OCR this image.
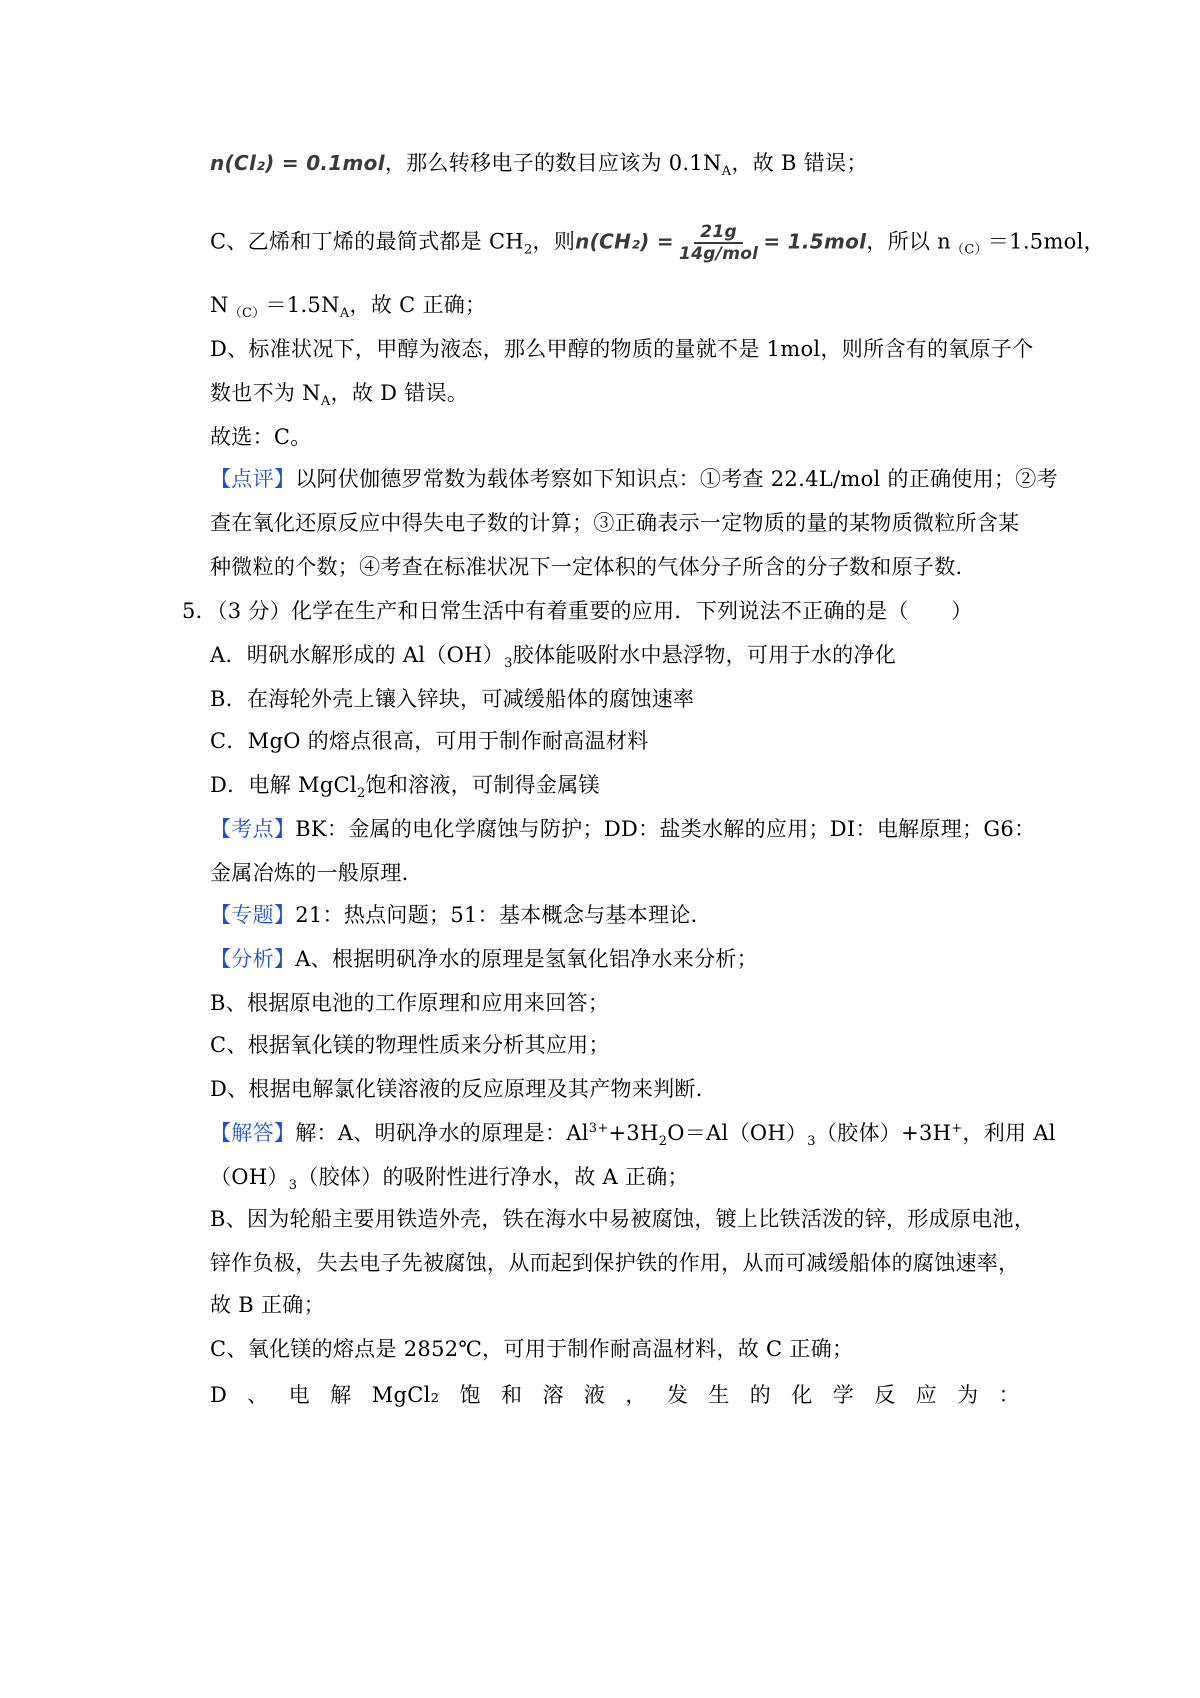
n(Cl₂) = 0.1mol，那么转移电子的数目应该为 $0.1N_A$，故 B 错误；
C、乙烯和丁烯的最简式都是 $CH_2$，则$n(CH_2) = \frac{21g}{\text{14g/mol}} = 1.5mol$，所以 $n_{(C)}=1.5mol$，
$N_{(C)}=1.5N_A$，故 C 正确；
D、标准状况下，甲醇为液态，那么甲醇的物质的量就不是 1mol，则所含有的氧原子个
数也不为 $N_A$，故 D 错误。
故选：C。
【点评】以阿伏伽德罗常数为载体考察如下知识点：①考查 22.4L/mol 的正确使用；②考
查在氧化还原反应中得失电子数的计算；③正确表示一定物质的量的某物质微粒所含某
种微粒的个数；④考查在标准状况下一定体积的气体分子所含的分子数和原子数．
5．（3 分）化学在生产和日常生活中有着重要的应用．下列说法不正确的是（　　）
A．明矾水解形成的 $Al(OH)_3$胶体能吸附水中悬浮物，可用于水的净化
B．在海轮外壳上镶入锌块，可减缓船体的腐蚀速率
C．MgO 的熔点很高，可用于制作耐高温材料
D．电解 MgCl$_2$饱和溶液，可制得金属镁
【考点】BK：金属的电化学腐蚀与防护；DD：盐类水解的应用；DI：电解原理；G6：
金属冶炼的一般原理．
【专题】21：热点问题；51：基本概念与基本理论．
【分析】A、根据明矾净水的原理是氢氧化铝净水来分析；
B、根据原电池的工作原理和应用来回答；
C、根据氧化镁的物理性质来分析其应用；
D、根据电解氯化镁溶液的反应原理及其产物来判断．
【解答】解：A、明矾净水的原理是：$Al^{3+}+3H_2O=Al(OH)_3$（胶体）+3H+，利用 Al
$(OH)_3$（胶体）的吸附性进行净水，故 A 正确；
B、因为轮船主要用铁造外壳，铁在海水中易被腐蚀，镀上比铁活泼的锌，形成原电池，
锌作负极，失去电子先被腐蚀，从而起到保护铁的作用，从而可减缓船体的腐蚀速率，
故 B 正确；
C、氧化镁的熔点是 2852℃，可用于制作耐高温材料，故 C 正确；
D 、 电 解 MgCl₂ 饱 和 溶 液 ， 发 生 的 化 学 反 应 为 ：
